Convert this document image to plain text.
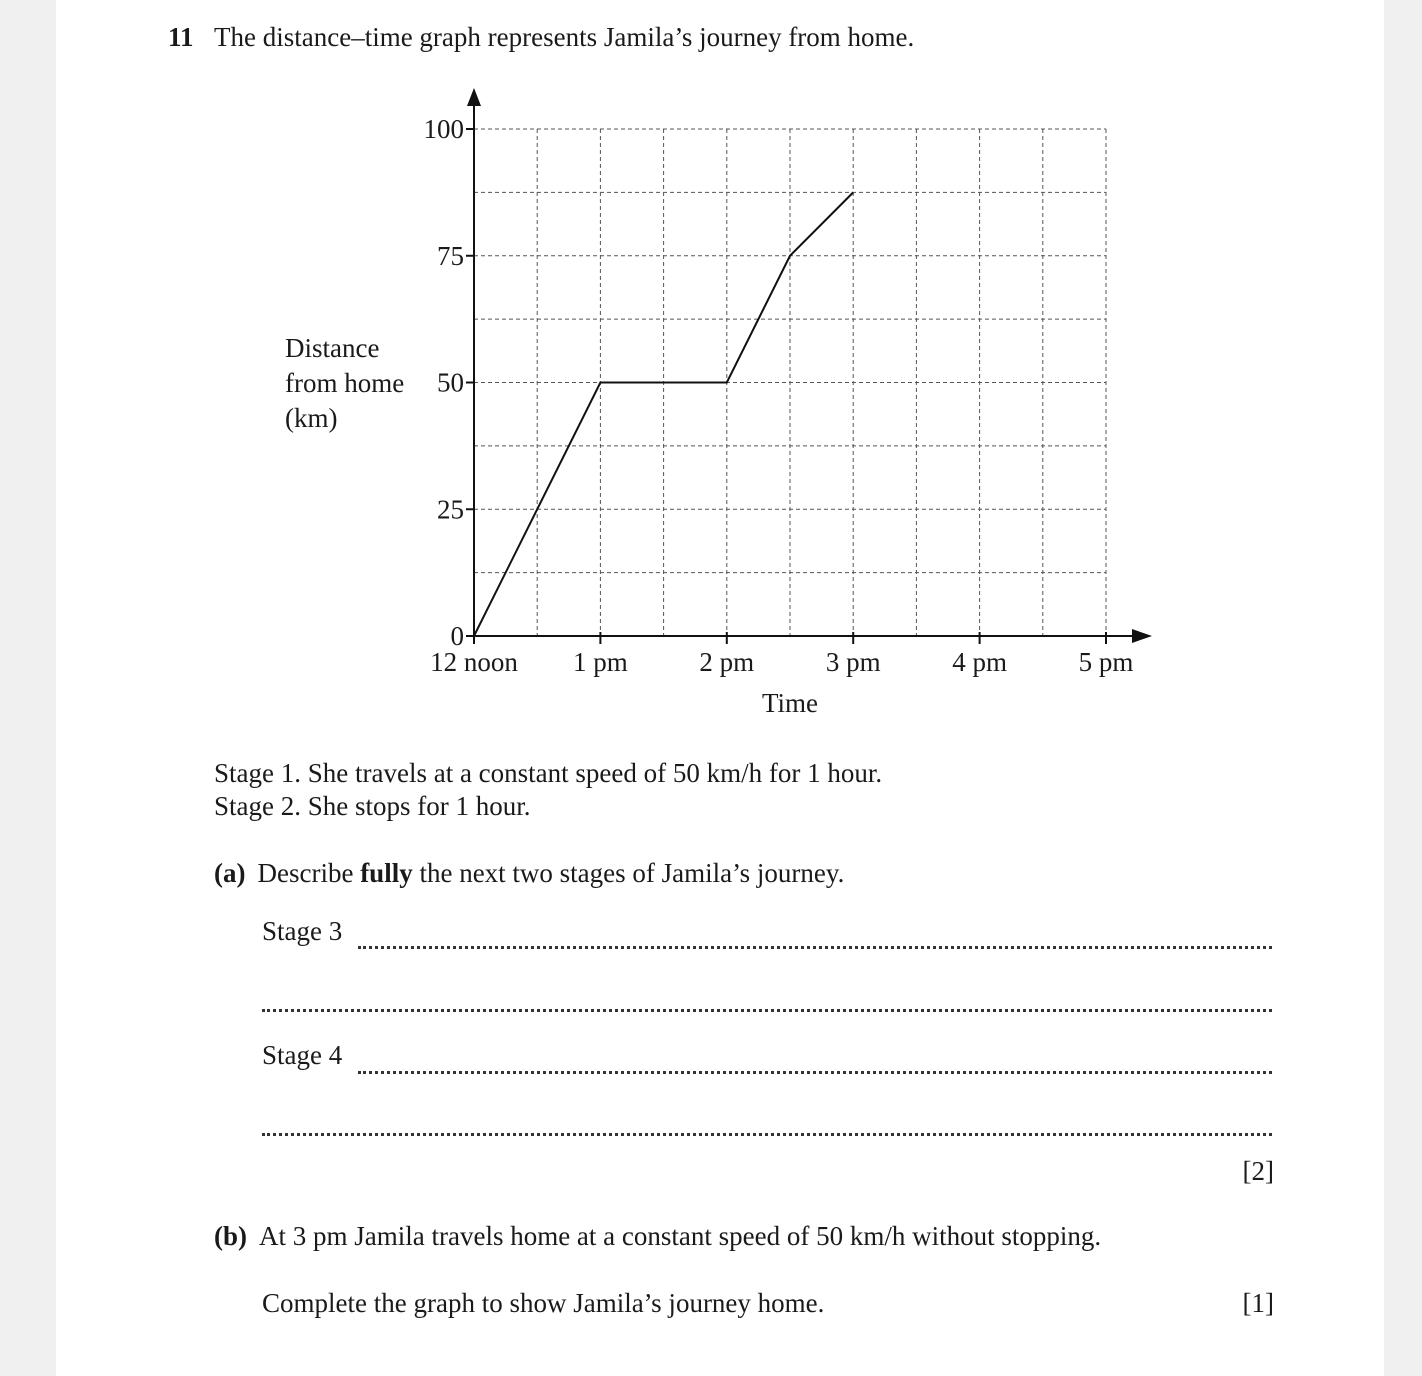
11 The distance–time graph represents Jamila’s journey from home.
Distance
from home
(km)
100
75
50
25
0
12 noon 1 pm	2 pm	3 pm	4 pm	5 pm
Time
Stage 1. She travels at a constant speed of 50 km/h for 1 hour.
Stage 2. She stops for 1 hour.
(a) Describe fully the next two stages of Jamila’s journey.
Stage 3
Stage 4
[2]
(b) At 3 pm Jamila travels home at a constant speed of 50 km/h without stopping.
Complete the graph to show Jamila’s journey home.	[1]
